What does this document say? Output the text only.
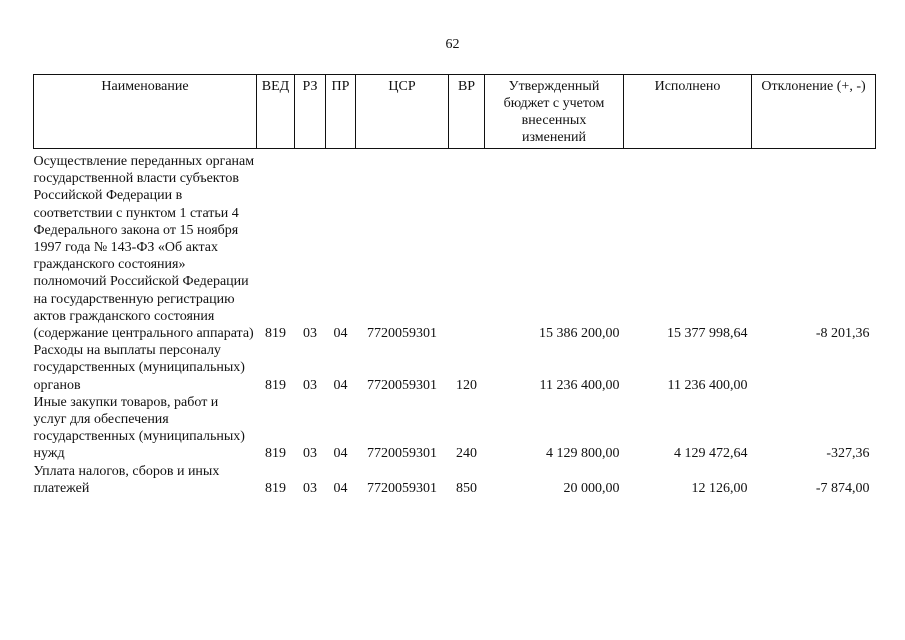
62
Наименование	ВЕД	РЗ	ПР	ЦСР	ВР	Утвержденный бюджет с учетом внесенных изменений	Исполнено	Отклонение (+, -)
Осуществление переданных органам государственной власти субъектов Российской Федерации в соответствии с пунктом 1 статьи 4 Федерального закона от 15 ноября 1997 года № 143-ФЗ «Об актах гражданского состояния» полномочий Российской Федерации на государственную регистрацию актов гражданского состояния (содержание центрального аппарата)	819	03	04	7720059301		15 386 200,00	15 377 998,64	-8 201,36
Расходы на выплаты персоналу государственных (муниципальных) органов	819	03	04	7720059301	120	11 236 400,00	11 236 400,00	
Иные закупки товаров, работ и услуг для обеспечения государственных (муниципальных) нужд	819	03	04	7720059301	240	4 129 800,00	4 129 472,64	-327,36
Уплата налогов, сборов и иных платежей	819	03	04	7720059301	850	20 000,00	12 126,00	-7 874,00
